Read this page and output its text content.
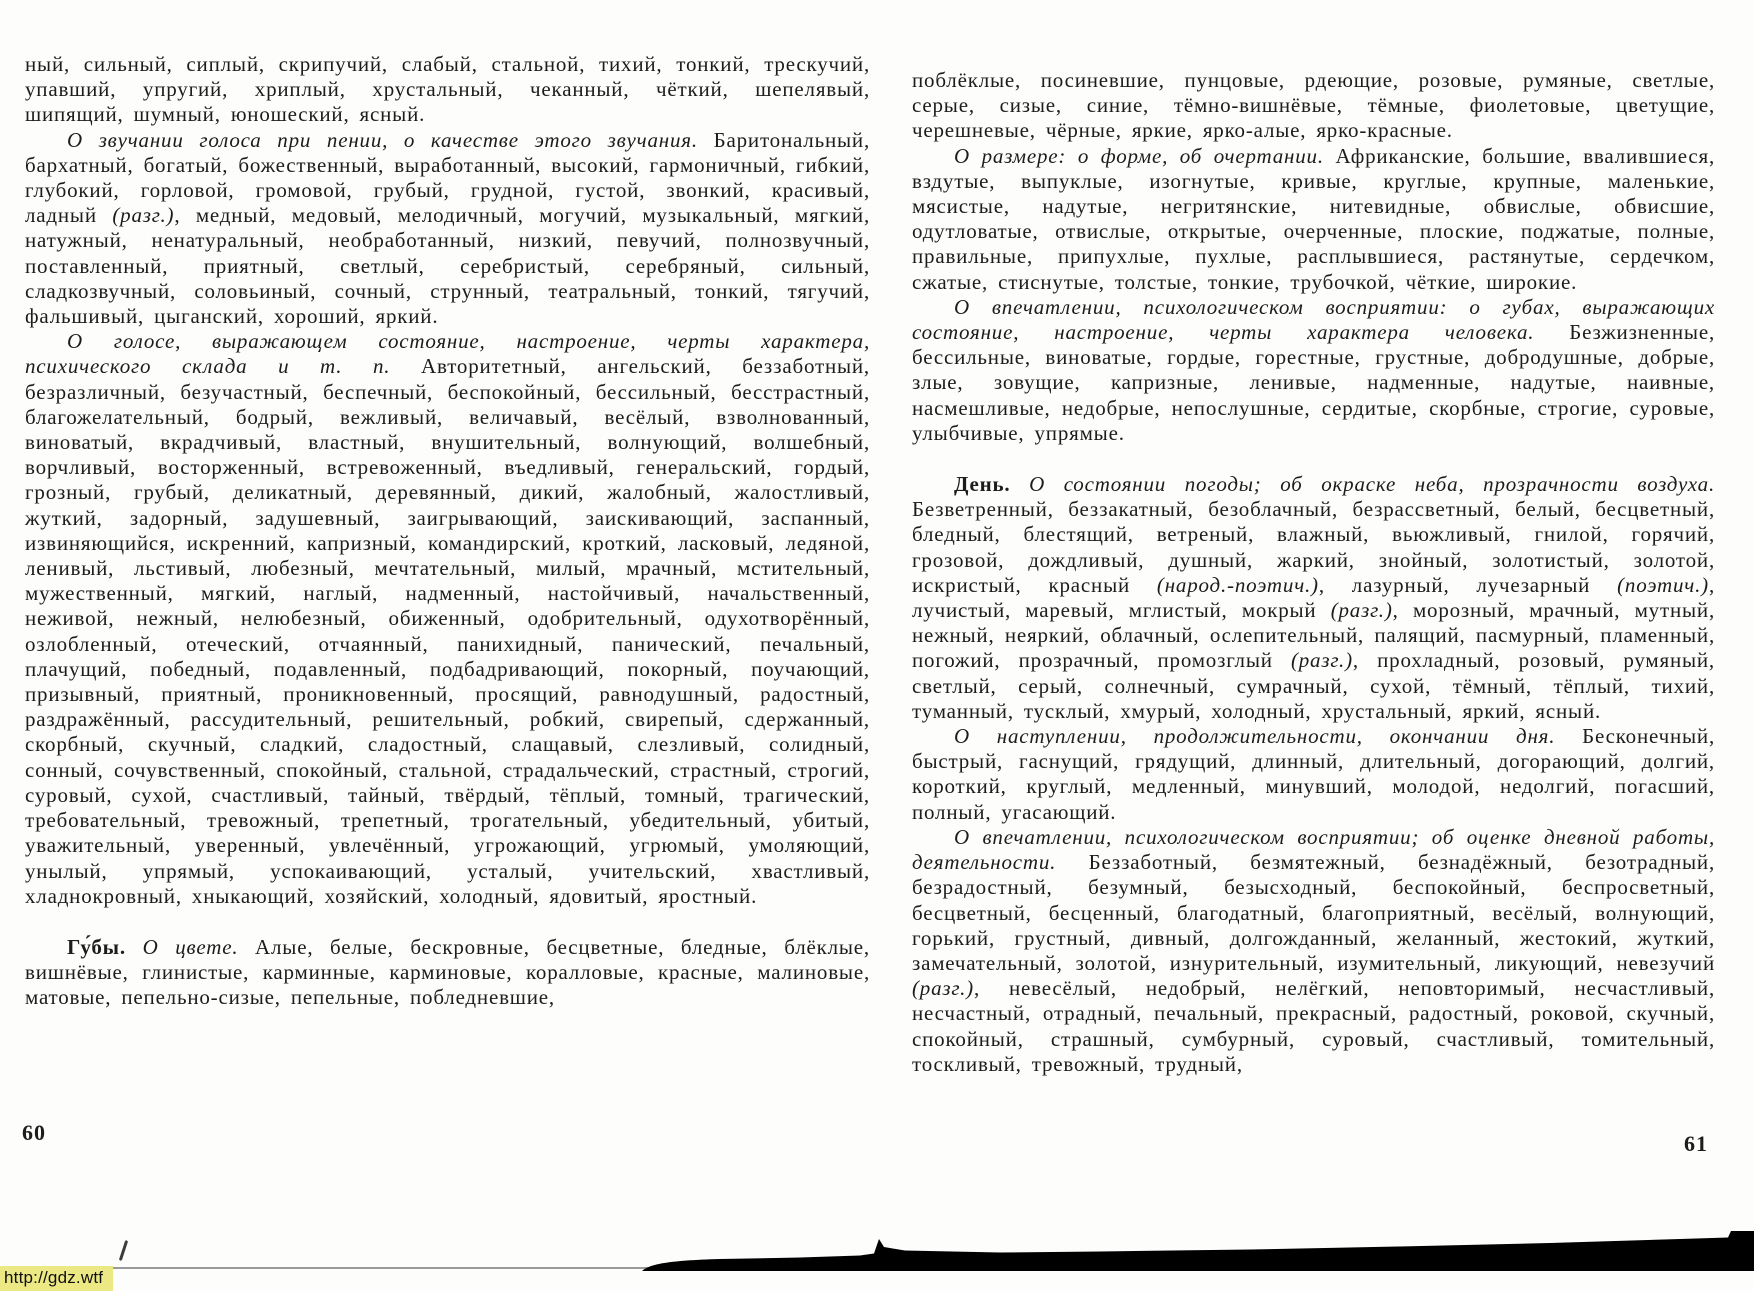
ный, сильный, сиплый, скрипучий, слабый, стальной, тихий, тонкий, трескучий, упавший, упругий, хриплый, хрустальный, чеканный, чёткий, шепелявый, шипящий, шумный, юношеский, ясный.

О звучании голоса при пении, о качестве этого звучания. Баритональный, бархатный, богатый, божественный, выработанный, высокий, гармоничный, гибкий, глубокий, горловой, громовой, грубый, грудной, густой, звонкий, красивый, ладный (разг.), медный, медовый, мелодичный, могучий, музыкальный, мягкий, натужный, ненатуральный, необработанный, низкий, певучий, полнозвучный, поставленный, приятный, светлый, серебристый, серебряный, сильный, сладкозвучный, соловьиный, сочный, струнный, театральный, тонкий, тягучий, фальшивый, цыганский, хороший, яркий.

О голосе, выражающем состояние, настроение, черты характера, психического склада и т. п. Авторитетный, ангельский, беззаботный, безразличный, безучастный, беспечный, беспокойный, бессильный, бесстрастный, благожелательный, бодрый, вежливый, величавый, весёлый, взволнованный, виноватый, вкрадчивый, властный, внушительный, волнующий, волшебный, ворчливый, восторженный, встревоженный, въедливый, генеральский, гордый, грозный, грубый, деликатный, деревянный, дикий, жалобный, жалостливый, жуткий, задорный, задушевный, заигрывающий, заискивающий, заспанный, извиняющийся, искренний, капризный, командирский, кроткий, ласковый, ледяной, ленивый, льстивый, любезный, мечтательный, милый, мрачный, мстительный, мужественный, мягкий, наглый, надменный, настойчивый, начальственный, неживой, нежный, нелюбезный, обиженный, одобрительный, одухотворённый, озлобленный, отеческий, отчаянный, панихидный, панический, печальный, плачущий, победный, подавленный, подбадривающий, покорный, поучающий, призывный, приятный, проникновенный, просящий, равнодушный, радостный, раздражённый, рассудительный, решительный, робкий, свирепый, сдержанный, скорбный, скучный, сладкий, сладостный, слащавый, слезливый, солидный, сонный, сочувственный, спокойный, стальной, страдальческий, страстный, строгий, суровый, сухой, счастливый, тайный, твёрдый, тёплый, томный, трагический, требовательный, тревожный, трепетный, трогательный, убедительный, убитый, уважительный, уверенный, увлечённый, угрожающий, угрюмый, умоляющий, унылый, упрямый, успокаивающий, усталый, учительский, хвастливый, хладнокровный, хныкающий, хозяйский, холодный, ядовитый, яростный.

Гу́бы. О цвете. Алые, белые, бескровные, бесцветные, бледные, блёклые, вишнёвые, глинистые, карминные, карминовые, коралловые, красные, малиновые, матовые, пепельно-сизые, пепельные, побледневшие,

поблёклые, посиневшие, пунцовые, рдеющие, розовые, румяные, светлые, серые, сизые, синие, тёмно-вишнёвые, тёмные, фиолетовые, цветущие, черешневые, чёрные, яркие, ярко-алые, ярко-красные.

О размере: о форме, об очертании. Африканские, большие, ввалившиеся, вздутые, выпуклые, изогнутые, кривые, круглые, крупные, маленькие, мясистые, надутые, негритянские, нитевидные, обвислые, обвисшие, одутловатые, отвислые, открытые, очерченные, плоские, поджатые, полные, правильные, припухлые, пухлые, расплывшиеся, растянутые, сердечком, сжатые, стиснутые, толстые, тонкие, трубочкой, чёткие, широкие.

О впечатлении, психологическом восприятии: о губах, выражающих состояние, настроение, черты характера человека. Безжизненные, бессильные, виноватые, гордые, горестные, грустные, добродушные, добрые, злые, зовущие, капризные, ленивые, надменные, надутые, наивные, насмешливые, недобрые, непослушные, сердитые, скорбные, строгие, суровые, улыбчивые, упрямые.

День. О состоянии погоды; об окраске неба, прозрачности воздуха. Безветренный, беззакатный, безоблачный, безрассветный, белый, бесцветный, бледный, блестящий, ветреный, влажный, вьюжливый, гнилой, горячий, грозовой, дождливый, душный, жаркий, знойный, золотистый, золотой, искристый, красный (народ.-поэтич.), лазурный, лучезарный (поэтич.), лучистый, маревый, мглистый, мокрый (разг.), морозный, мрачный, мутный, нежный, неяркий, облачный, ослепительный, палящий, пасмурный, пламенный, погожий, прозрачный, промозглый (разг.), прохладный, розовый, румяный, светлый, серый, солнечный, сумрачный, сухой, тёмный, тёплый, тихий, туманный, тусклый, хмурый, холодный, хрустальный, яркий, ясный.

О наступлении, продолжительности, окончании дня. Бесконечный, быстрый, гаснущий, грядущий, длинный, длительный, догорающий, долгий, короткий, круглый, медленный, минувший, молодой, недолгий, погасший, полный, угасающий.

О впечатлении, психологическом восприятии; об оценке дневной работы, деятельности. Беззаботный, безмятежный, безнадёжный, безотрадный, безрадостный, безумный, безысходный, беспокойный, беспросветный, бесцветный, бесценный, благодатный, благоприятный, весёлый, волнующий, горький, грустный, дивный, долгожданный, желанный, жестокий, жуткий, замечательный, золотой, изнурительный, изумительный, ликующий, невезучий (разг.), невесёлый, недобрый, нелёгкий, неповторимый, несчастливый, несчастный, отрадный, печальный, прекрасный, радостный, роковой, скучный, спокойный, страшный, сумбурный, суровый, счастливый, томительный, тоскливый, тревожный, трудный,

60	61
http://gdz.wtf
